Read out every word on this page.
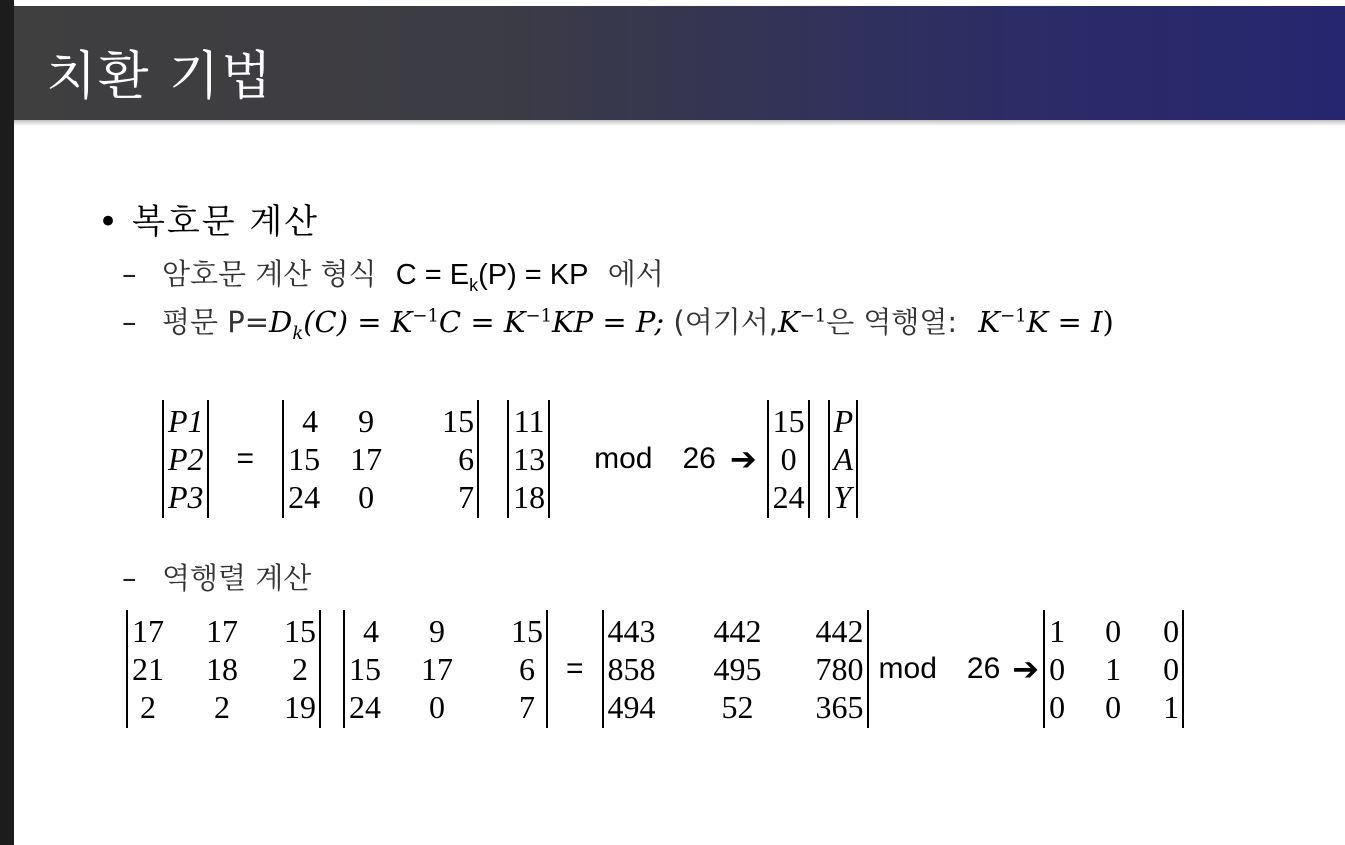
치환 기법
• 복호문 계산
– 암호문 계산 형식 $C = E_k(P)$ = KP 에서
– 평문 $P=D_k(C) = K^{-1}C = K^{-1}KP = P$; (여기서$,K^{-1}$은 역행열: $K^{-1}K = I$)
P1
P2
P3
=
4
15
24
9
17
0
15
6
7
11
13
18
mod 26 ➔
15
0
24
P
A
Y
– 역행렬 계산
17
21
2
17
18
2
15
2
19
4
15
24
9
17
0
15
6
7
=
443
858
494
442
495
52
442
780
365
mod 26 ➔
1
0
0
0
1
0
0
0
1
